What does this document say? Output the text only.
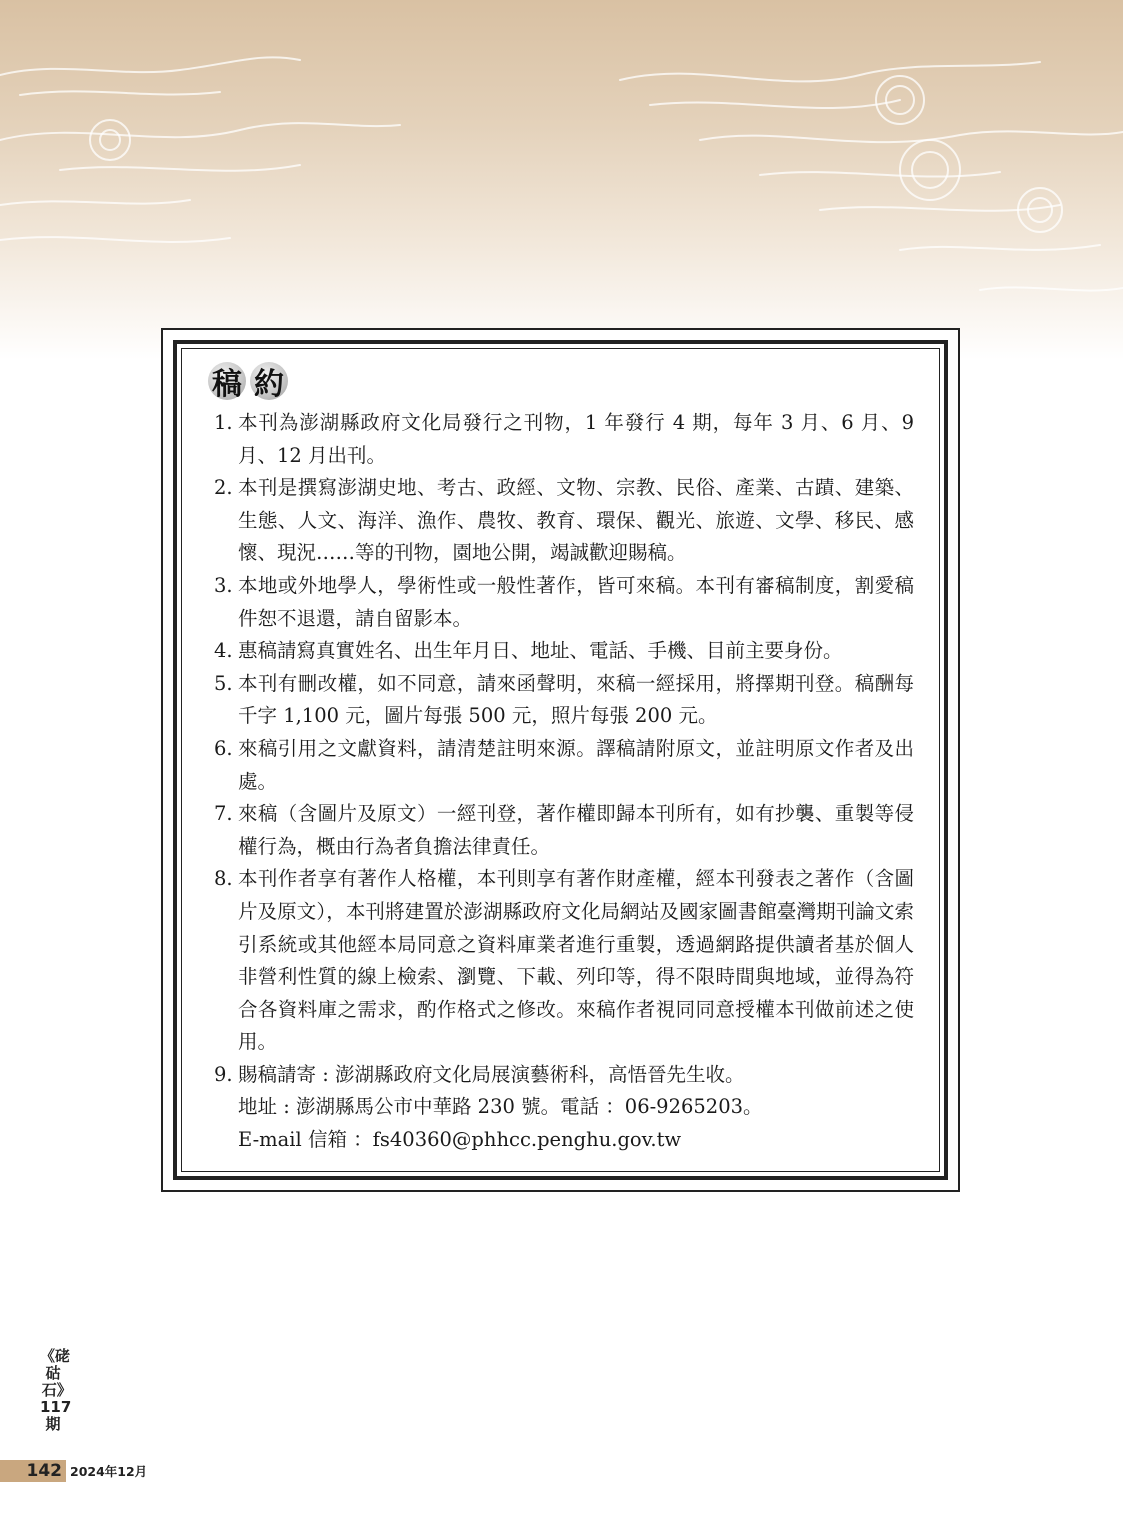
稿 約
1. 本刊為澎湖縣政府文化局發行之刊物，1 年發行 4 期，每年 3 月、6 月、9 月、12 月出刊。
2. 本刊是撰寫澎湖史地、考古、政經、文物、宗教、民俗、產業、古蹟、建築、生態、人文、海洋、漁作、農牧、教育、環保、觀光、旅遊、文學、移民、感懷、現況……等的刊物，園地公開，竭誠歡迎賜稿。
3. 本地或外地學人，學術性或一般性著作，皆可來稿。本刊有審稿制度，割愛稿件恕不退還，請自留影本。
4. 惠稿請寫真實姓名、出生年月日、地址、電話、手機、目前主要身份。
5. 本刊有刪改權，如不同意，請來函聲明，來稿一經採用，將擇期刊登。稿酬每千字 1,100 元，圖片每張 500 元，照片每張 200 元。
6. 來稿引用之文獻資料，請清楚註明來源。譯稿請附原文，並註明原文作者及出處。
7. 來稿（含圖片及原文）一經刊登，著作權即歸本刊所有，如有抄襲、重製等侵權行為，概由行為者負擔法律責任。
8. 本刊作者享有著作人格權，本刊則享有著作財產權，經本刊發表之著作（含圖片及原文），本刊將建置於澎湖縣政府文化局網站及國家圖書館臺灣期刊論文索引系統或其他經本局同意之資料庫業者進行重製，透過網路提供讀者基於個人非營利性質的線上檢索、瀏覽、下載、列印等，得不限時間與地域，並得為符合各資料庫之需求，酌作格式之修改。來稿作者視同同意授權本刊做前述之使用。
9. 賜稿請寄 : 澎湖縣政府文化局展演藝術科，高悟晉先生收。
地址 : 澎湖縣馬公市中華路 230 號。電話 ：06-9265203。
E-mail 信箱 ：fs40360@phhcc.penghu.gov.tw
《硓𥑮石》117期
142 2024年12月
